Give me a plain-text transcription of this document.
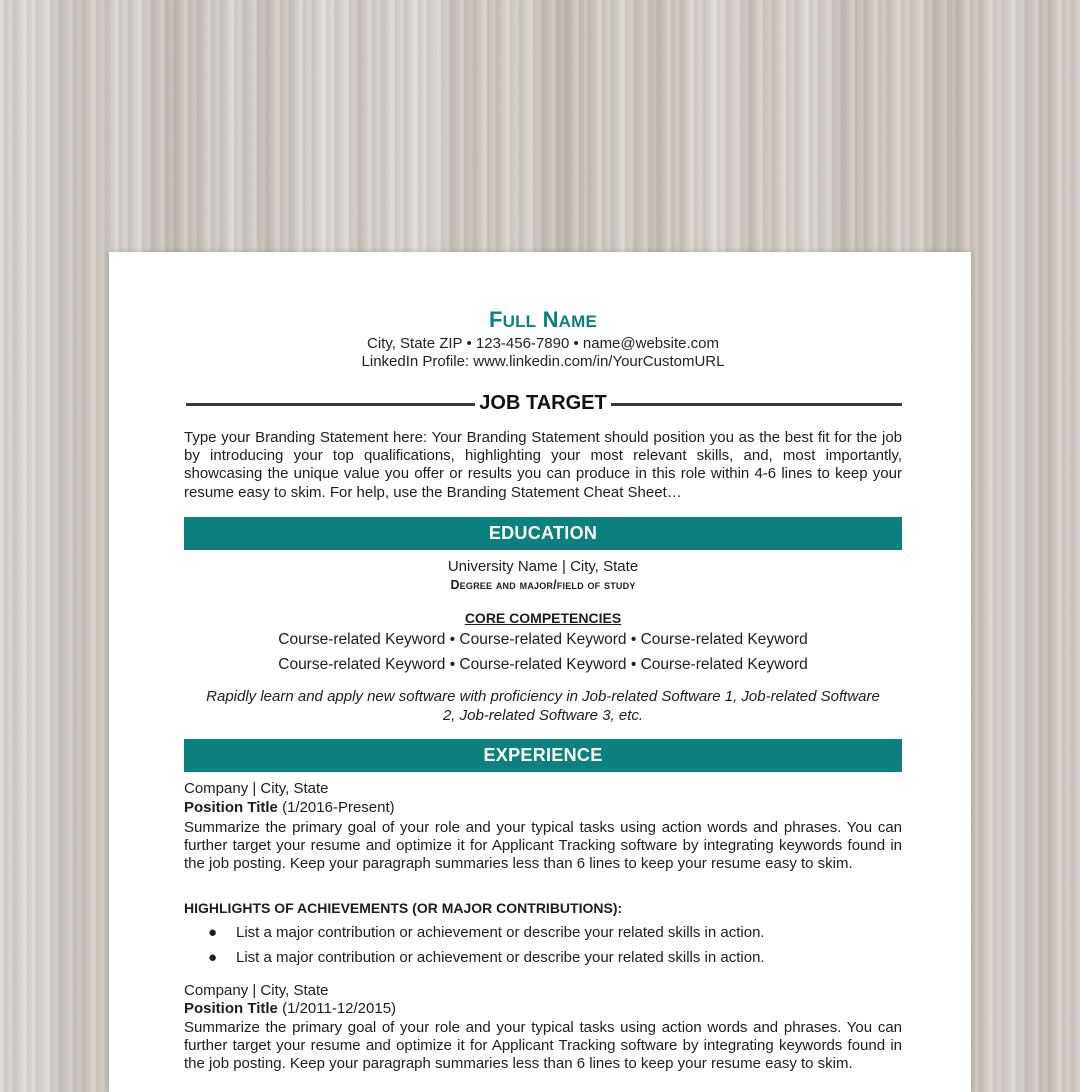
FULL NAME
City, State ZIP • 123-456-7890 • name@website.com
LinkedIn Profile: www.linkedin.com/in/YourCustomURL
JOB TARGET
Type your Branding Statement here: Your Branding Statement should position you as the best fit for the job by introducing your top qualifications, highlighting your most relevant skills, and, most importantly, showcasing the unique value you offer or results you can produce in this role within 4-6 lines to keep your resume easy to skim. For help, use the Branding Statement Cheat Sheet…
EDUCATION
University Name | City, State
Degree and major/field of study
CORE COMPETENCIES
Course-related Keyword • Course-related Keyword • Course-related Keyword
Course-related Keyword • Course-related Keyword • Course-related Keyword
Rapidly learn and apply new software with proficiency in Job-related Software 1, Job-related Software 2, Job-related Software 3, etc.
EXPERIENCE
Company | City, State
Position Title (1/2016-Present)
Summarize the primary goal of your role and your typical tasks using action words and phrases. You can further target your resume and optimize it for Applicant Tracking software by integrating keywords found in the job posting. Keep your paragraph summaries less than 6 lines to keep your resume easy to skim.
HIGHLIGHTS OF ACHIEVEMENTS (OR MAJOR CONTRIBUTIONS):
● List a major contribution or achievement or describe your related skills in action.
● List a major contribution or achievement or describe your related skills in action.
Company | City, State
Position Title (1/2011-12/2015)
Summarize the primary goal of your role and your typical tasks using action words and phrases. You can further target your resume and optimize it for Applicant Tracking software by integrating keywords found in the job posting. Keep your paragraph summaries less than 6 lines to keep your resume easy to skim.
